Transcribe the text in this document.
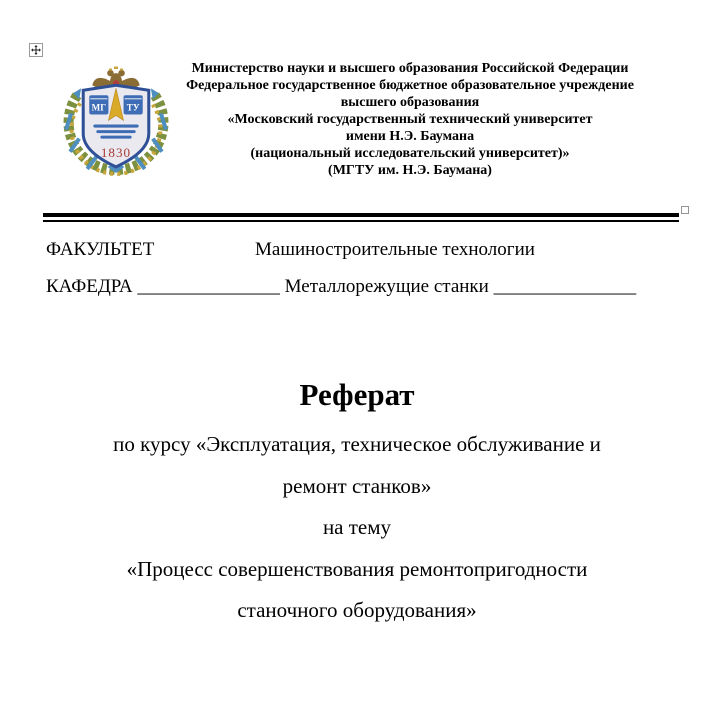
МГ ТУ
1830
Министерство науки и высшего образования Российской Федерации
Федеральное государственное бюджетное образовательное учреждение
высшего образования
«Московский государственный технический университет
имени Н.Э. Баумана
(национальный исследовательский университет)»
(МГТУ им. Н.Э. Баумана)
ФАКУЛЬТЕТ	Машиностроительные технологии
КАФЕДРА _______________ Металлорежущие станки _______________
Реферат
по курсу «Эксплуатация, техническое обслуживание и
ремонт станков»
на тему
«Процесс совершенствования ремонтопригодности
станочного оборудования»
